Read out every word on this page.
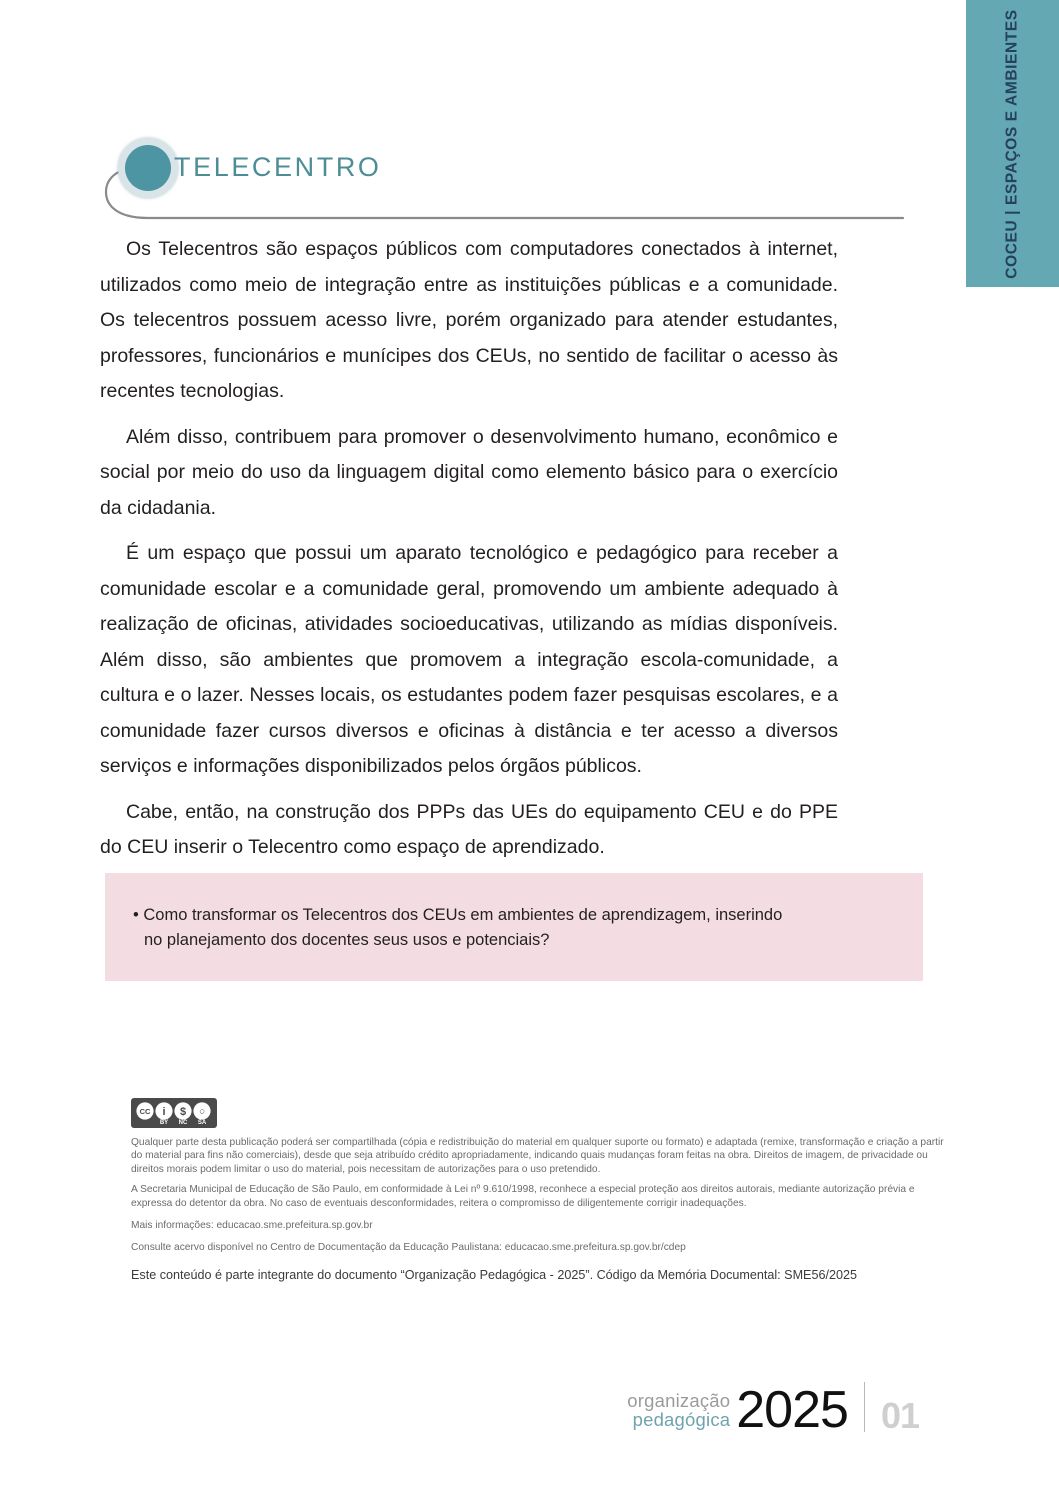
COCEU | ESPAÇOS E AMBIENTES
TELECENTRO

Os Telecentros são espaços públicos com computadores conectados à internet, utilizados como meio de integração entre as instituições públicas e a comunidade. Os telecentros possuem acesso livre, porém organizado para atender estudantes, professores, funcionários e munícipes dos CEUs, no sentido de facilitar o acesso às recentes tecnologias.

Além disso, contribuem para promover o desenvolvimento humano, econômico e social por meio do uso da linguagem digital como elemento básico para o exercício da cidadania.

É um espaço que possui um aparato tecnológico e pedagógico para receber a comunidade escolar e a comunidade geral, promovendo um ambiente adequado à realização de oficinas, atividades socioeducativas, utilizando as mídias disponíveis. Além disso, são ambientes que promovem a integração escola-comunidade, a cultura e o lazer. Nesses locais, os estudantes podem fazer pesquisas escolares, e a comunidade fazer cursos diversos e oficinas à distância e ter acesso a diversos serviços e informações disponibilizados pelos órgãos públicos.

Cabe, então, na construção dos PPPs das UEs do equipamento CEU e do PPE do CEU inserir o Telecentro como espaço de aprendizado.

• Como transformar os Telecentros dos CEUs em ambientes de aprendizagem, inserindo
no planejamento dos docentes seus usos e potenciais?
CC i $ ○
BY NC SA

Qualquer parte desta publicação poderá ser compartilhada (cópia e redistribuição do material em qualquer suporte ou formato) e adaptada (remixe, transformação e criação a partir do material para fins não comerciais), desde que seja atribuído crédito apropriadamente, indicando quais mudanças foram feitas na obra. Direitos de imagem, de privacidade ou direitos morais podem limitar o uso do material, pois necessitam de autorizações para o uso pretendido.

A Secretaria Municipal de Educação de São Paulo, em conformidade à Lei nº 9.610/1998, reconhece a especial proteção aos direitos autorais, mediante autorização prévia e expressa do detentor da obra. No caso de eventuais desconformidades, reitera o compromisso de diligentemente corrigir inadequações.

Mais informações: educacao.sme.prefeitura.sp.gov.br

Consulte acervo disponível no Centro de Documentação da Educação Paulistana: educacao.sme.prefeitura.sp.gov.br/cdep

Este conteúdo é parte integrante do documento “Organização Pedagógica - 2025”. Código da Memória Documental: SME56/2025
organização
pedagógica 2025 01
